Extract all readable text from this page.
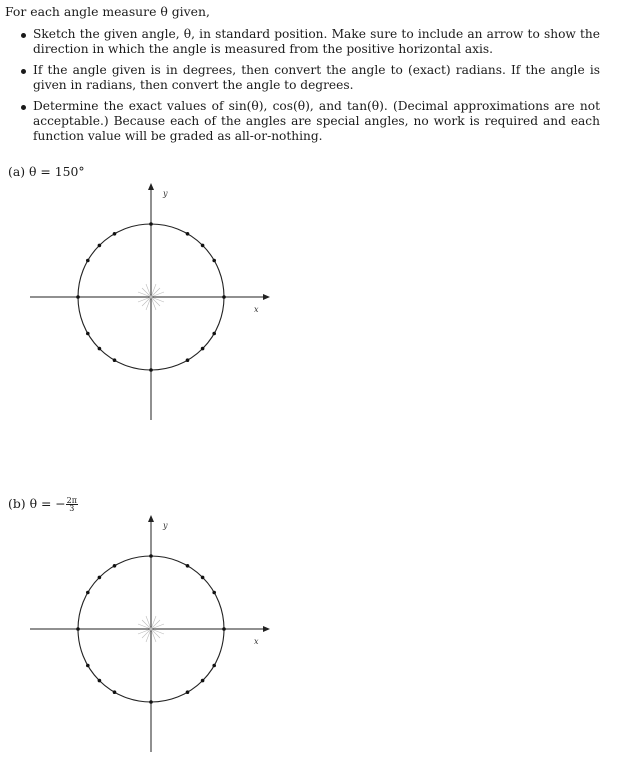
For each angle measure θ given,
Sketch the given angle, θ, in standard position. Make sure to include an arrow to show the direction in which the angle is measured from the positive horizontal axis.
If the angle given is in degrees, then convert the angle to (exact) radians. If the angle is given in radians, then convert the angle to degrees.
Determine the exact values of sin(θ), cos(θ), and tan(θ). (Decimal approximations are not acceptable.) Because each of the angles are special angles, no work is required and each function value will be graded as all-or-nothing.
(a) θ = 150°
y
x
(b) θ = − $\frac{2\pi}{3}$
y
x
